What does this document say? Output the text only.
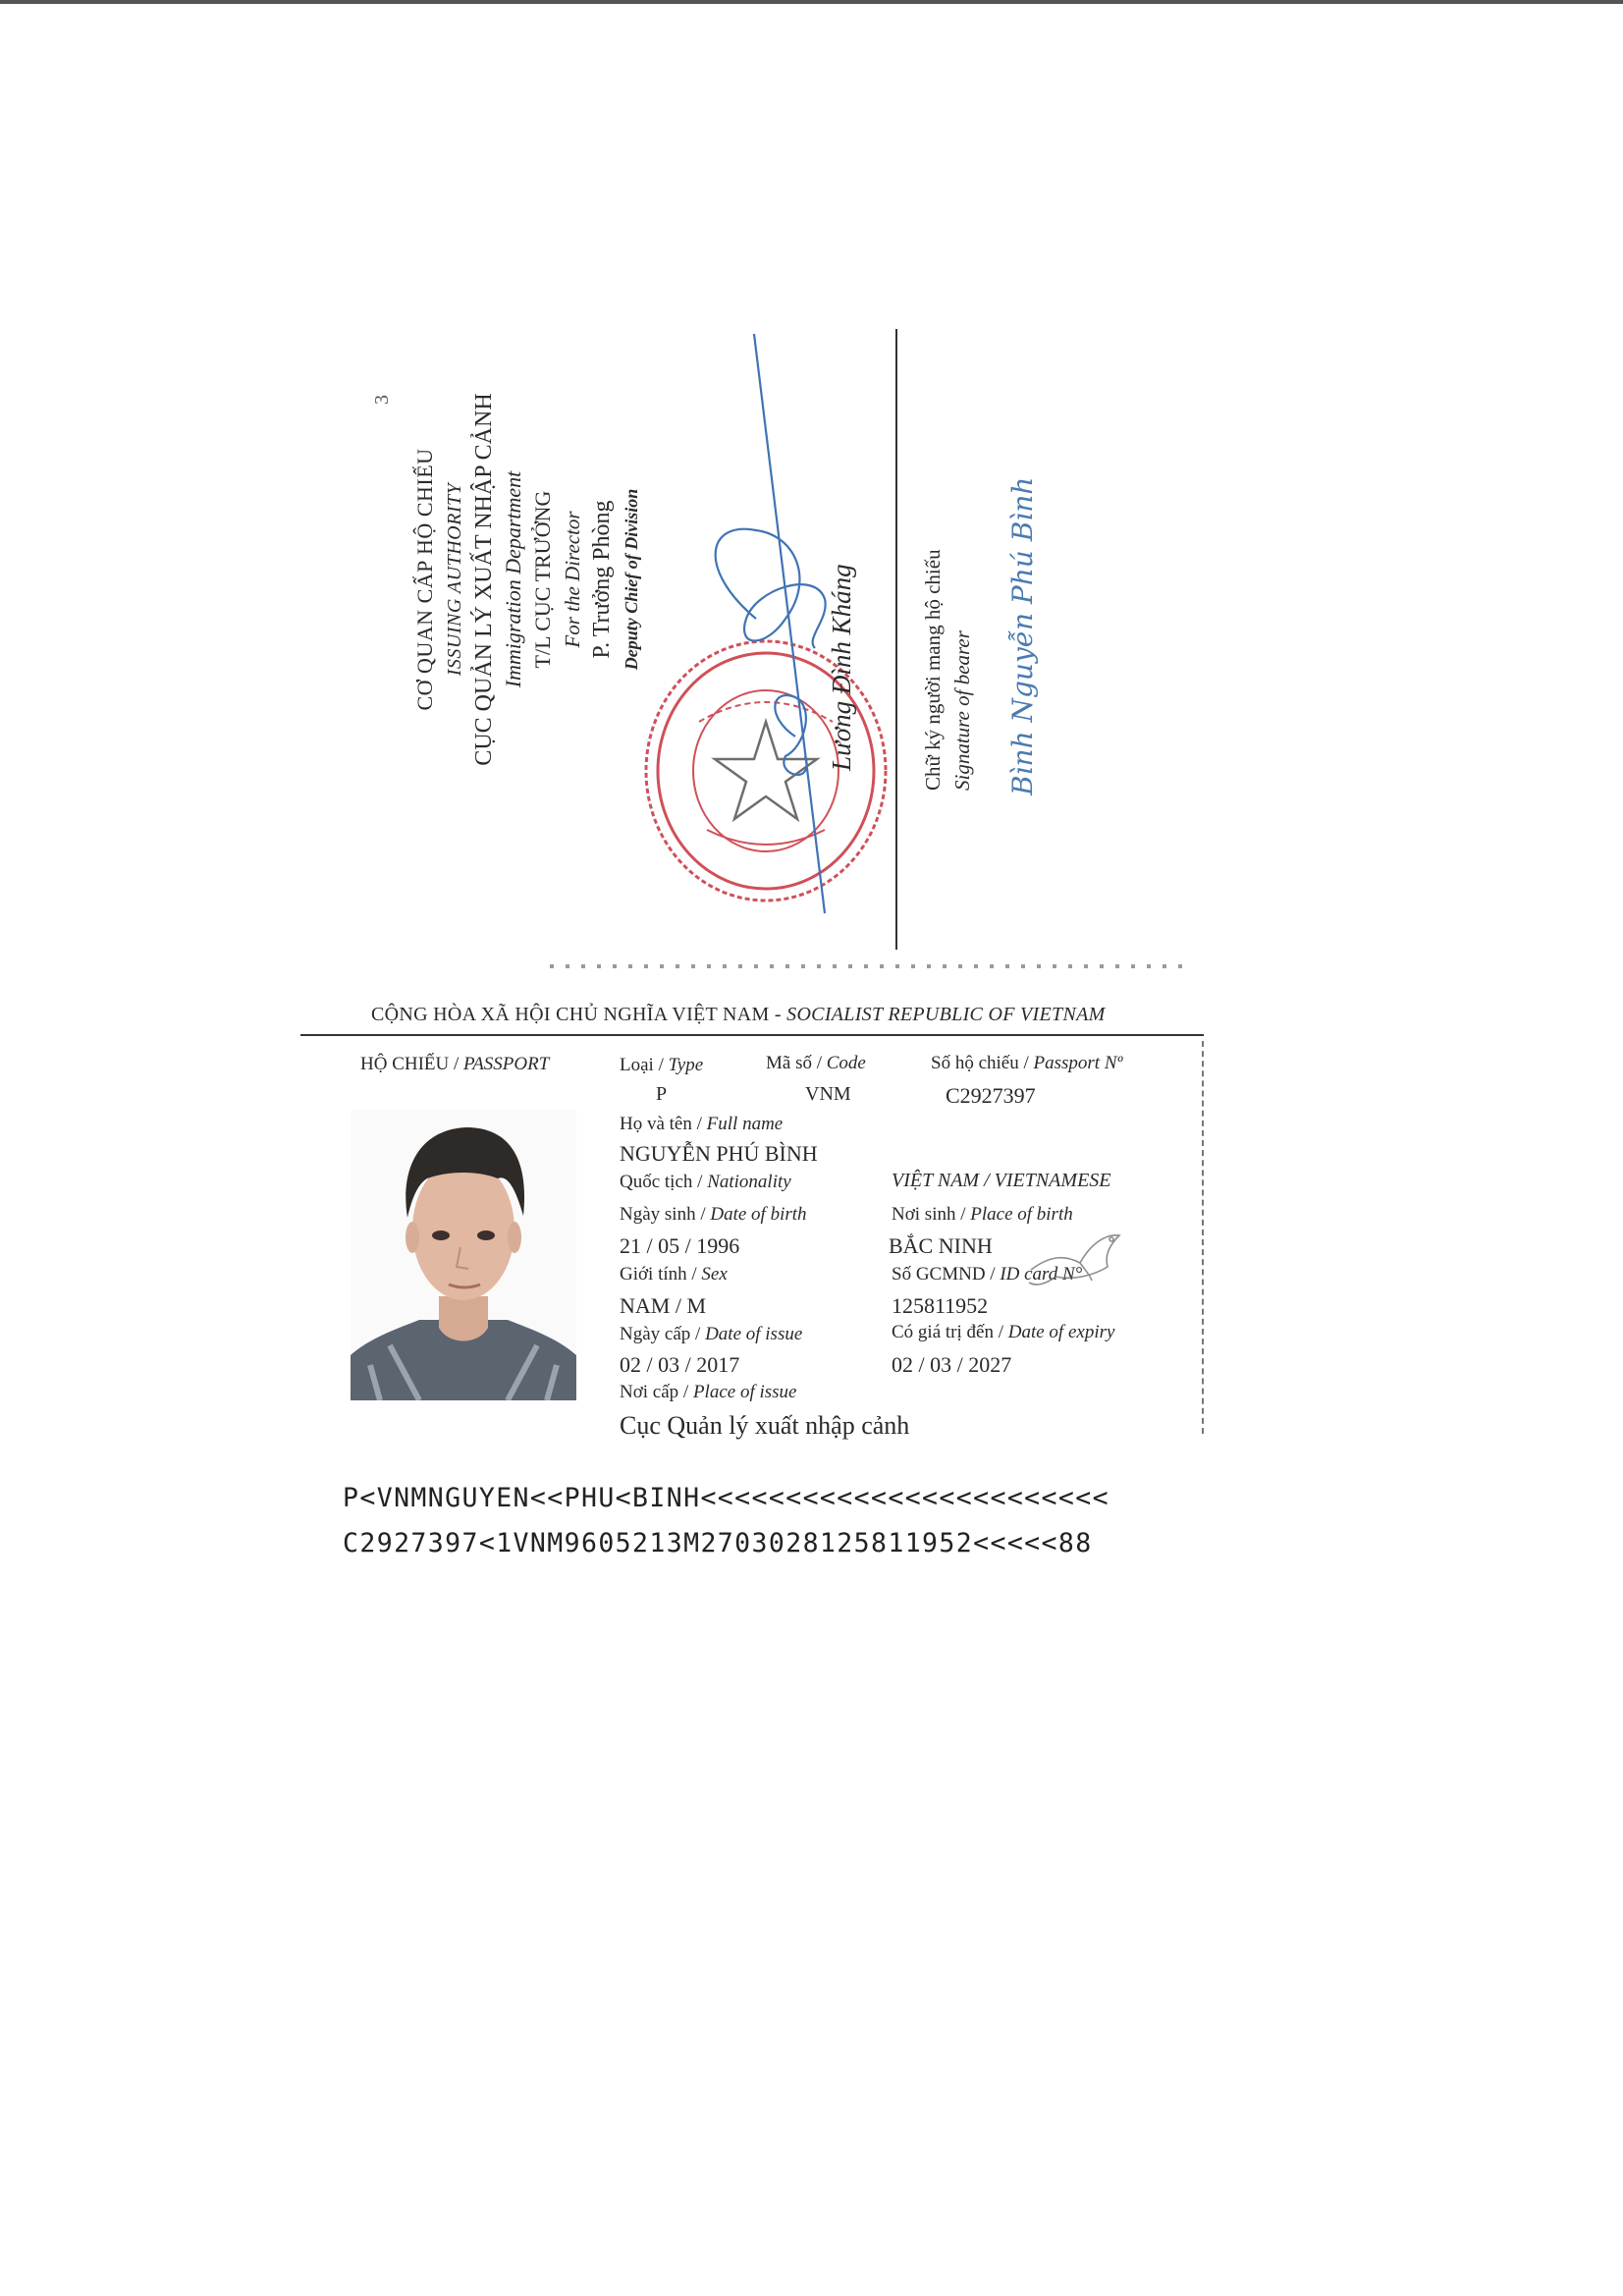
3
CƠ QUAN CẤP HỘ CHIẾU ISSUING AUTHORITY CỤC QUẢN LÝ XUẤT NHẬP CẢNH Immigration Department T/L CỤC TRƯỞNG For the Director P. Trưởng Phòng Deputy Chief of Division	Lương Đình Kháng	Chữ ký người mang hộ chiếu Signature of bearer Bình Nguyễn Phú Bình
CỘNG HÒA XÃ HỘI CHỦ NGHĨA VIỆT NAM - SOCIALIST REPUBLIC OF VIETNAM
HỘ CHIẾU / PASSPORT	Loại / Type	Mã số / Code	Số hộ chiếu / Passport Nº
P	VNM	C2927397
Họ và tên / Full name
NGUYỄN PHÚ BÌNH
Quốc tịch / Nationality	VIỆT NAM / VIETNAMESE
Ngày sinh / Date of birth	Nơi sinh / Place of birth
21 / 05 / 1996	BẮC NINH
Giới tính / Sex	Số GCMND / ID card N°
NAM / M	125811952
Ngày cấp / Date of issue	Có giá trị đến / Date of expiry
02 / 03 / 2017	02 / 03 / 2027
Nơi cấp / Place of issue
Cục Quản lý xuất nhập cảnh
P<VNMNGUYEN<<PHU<BINH<<<<<<<<<<<<<<<<<<<<<<<<
C2927397<1VNM9605213M2703028125811952<<<<<88
